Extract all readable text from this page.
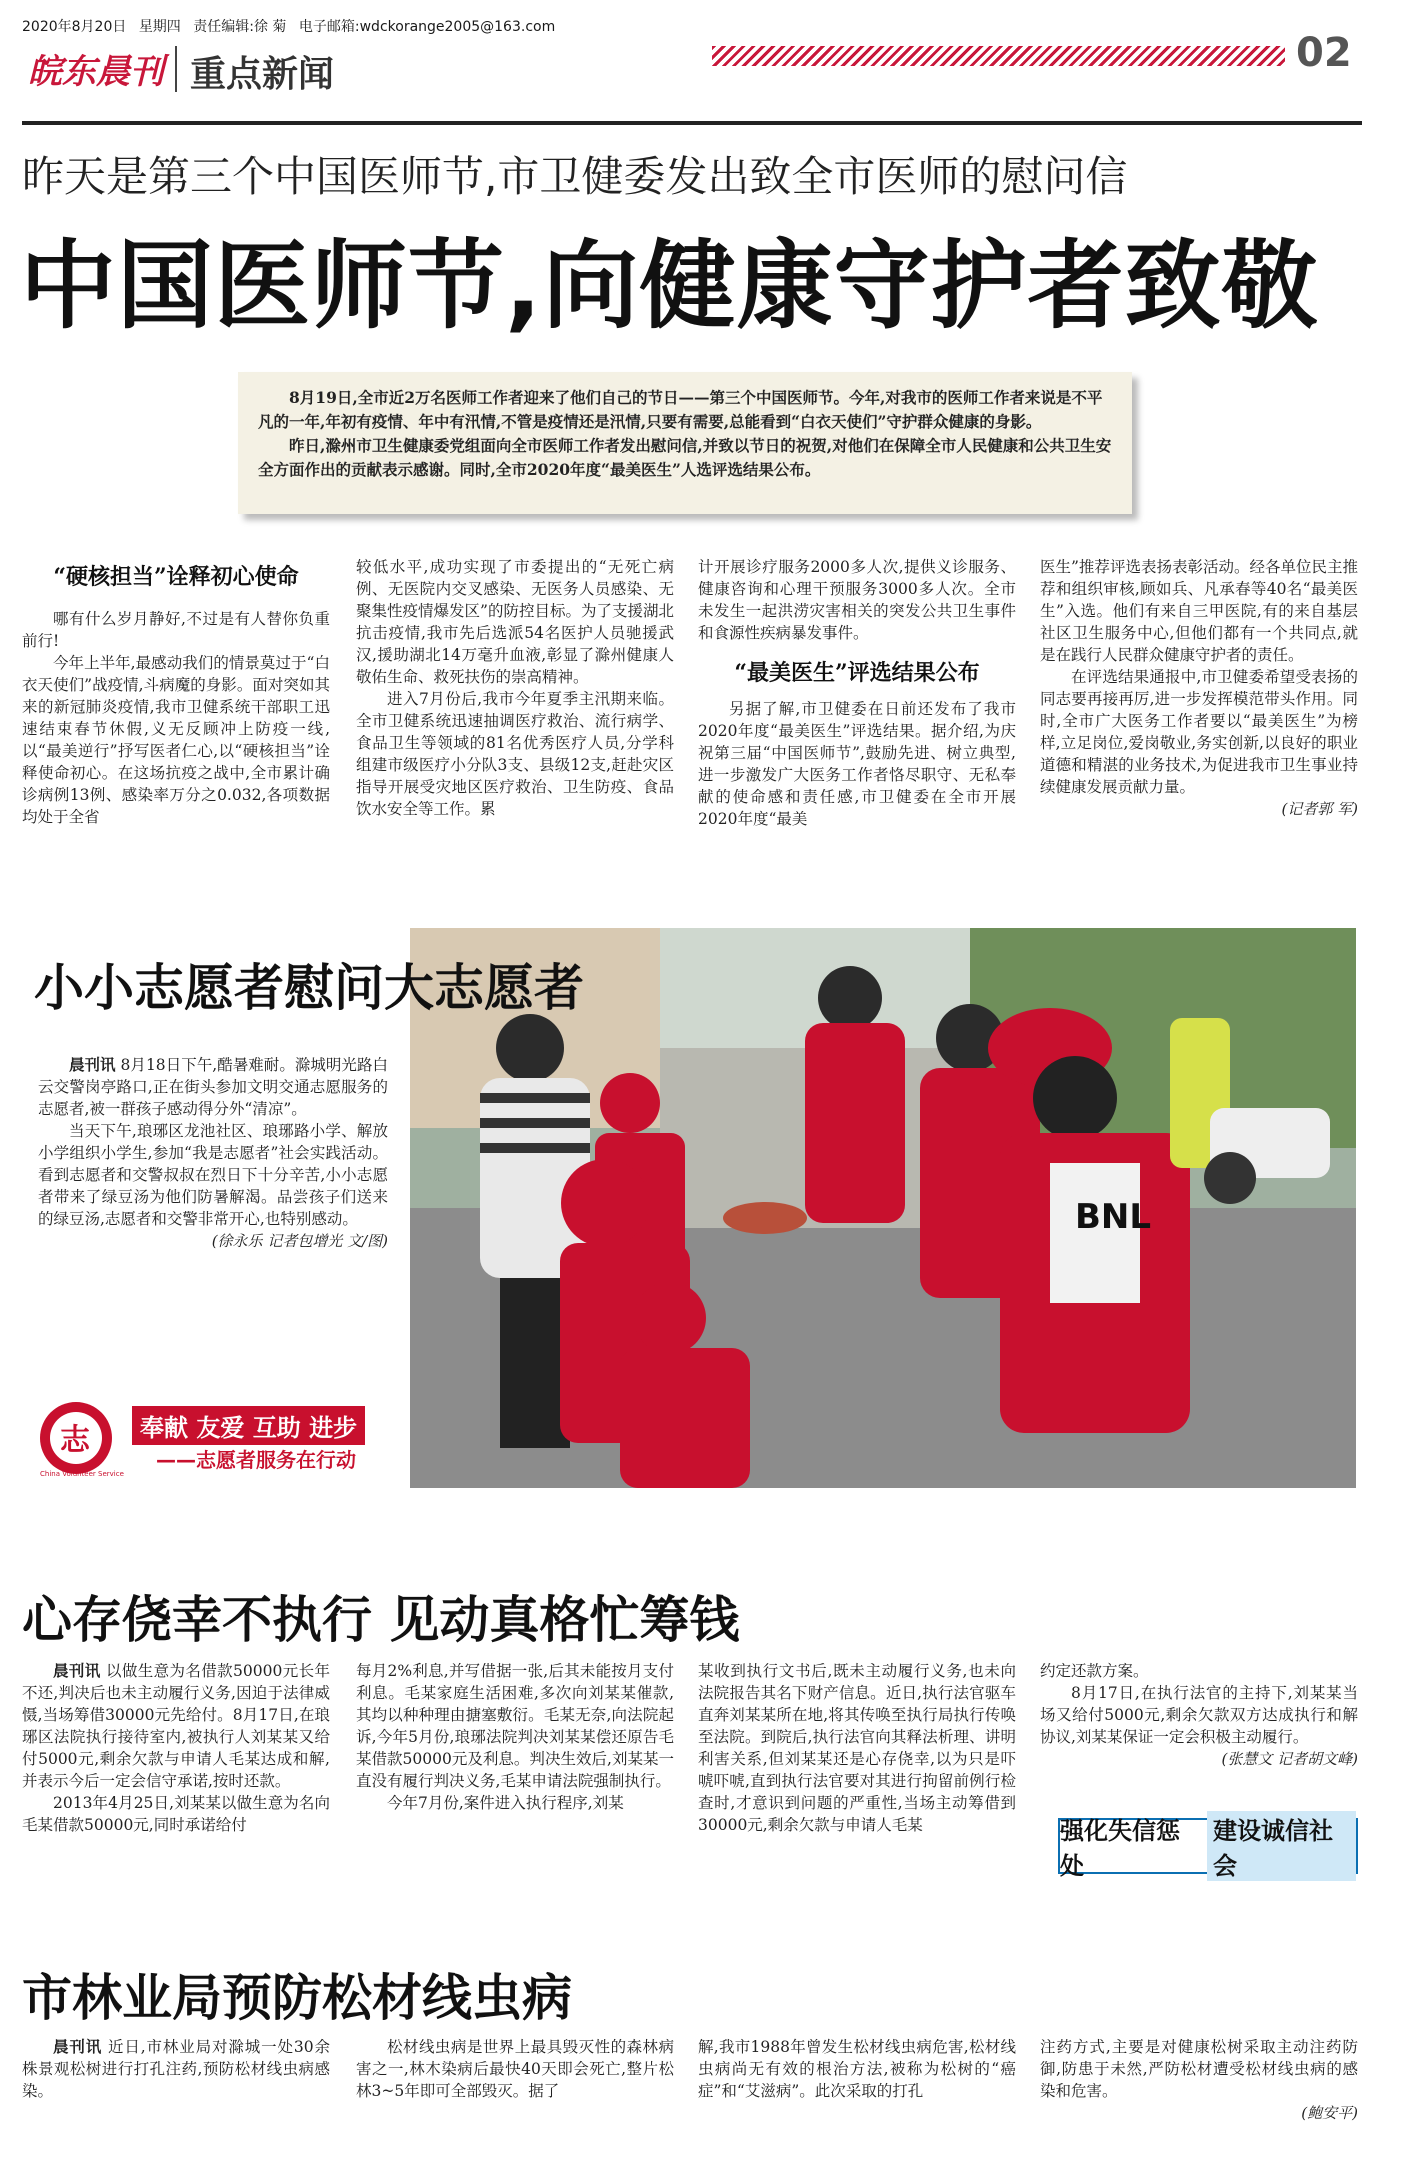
2020年8月20日 星期四 责任编辑:徐 菊 电子邮箱:wdckorange2005@163.com
皖东晨刊 重点新闻	02
昨天是第三个中国医师节,市卫健委发出致全市医师的慰问信
中国医师节,向健康守护者致敬

8月19日,全市近2万名医师工作者迎来了他们自己的节日——第三个中国医师节。今年,对我市的医师工作者来说是不平凡的一年,年初有疫情、年中有汛情,不管是疫情还是汛情,只要有需要,总能看到“白衣天使们”守护群众健康的身影。

昨日,滁州市卫生健康委党组面向全市医师工作者发出慰问信,并致以节日的祝贺,对他们在保障全市人民健康和公共卫生安全方面作出的贡献表示感谢。同时,全市2020年度“最美医生”人选评选结果公布。

“硬核担当”诠释初心使命

哪有什么岁月静好,不过是有人替你负重前行!

今年上半年,最感动我们的情景莫过于“白衣天使们”战疫情,斗病魔的身影。面对突如其来的新冠肺炎疫情,我市卫健系统干部职工迅速结束春节休假,义无反顾冲上防疫一线,以“最美逆行”抒写医者仁心,以“硬核担当”诠释使命初心。在这场抗疫之战中,全市累计确诊病例13例、感染率万分之0.032,各项数据均处于全省

较低水平,成功实现了市委提出的“无死亡病例、无医院内交叉感染、无医务人员感染、无聚集性疫情爆发区”的防控目标。为了支援湖北抗击疫情,我市先后选派54名医护人员驰援武汉,援助湖北14万毫升血液,彰显了滁州健康人敬佑生命、救死扶伤的崇高精神。

进入7月份后,我市今年夏季主汛期来临。全市卫健系统迅速抽调医疗救治、流行病学、食品卫生等领域的81名优秀医疗人员,分学科组建市级医疗小分队3支、县级12支,赶赴灾区指导开展受灾地区医疗救治、卫生防疫、食品饮水安全等工作。累

计开展诊疗服务2000多人次,提供义诊服务、健康咨询和心理干预服务3000多人次。全市未发生一起洪涝灾害相关的突发公共卫生事件和食源性疾病暴发事件。

“最美医生”评选结果公布

另据了解,市卫健委在日前还发布了我市2020年度“最美医生”评选结果。据介绍,为庆祝第三届“中国医师节”,鼓励先进、树立典型,进一步激发广大医务工作者恪尽职守、无私奉献的使命感和责任感,市卫健委在全市开展2020年度“最美

医生”推荐评选表扬表彰活动。经各单位民主推荐和组织审核,顾如兵、凡承春等40名“最美医生”入选。他们有来自三甲医院,有的来自基层社区卫生服务中心,但他们都有一个共同点,就是在践行人民群众健康守护者的责任。

在评选结果通报中,市卫健委希望受表扬的同志要再接再厉,进一步发挥模范带头作用。同时,全市广大医务工作者要以“最美医生”为榜样,立足岗位,爱岗敬业,务实创新,以良好的职业道德和精湛的业务技术,为促进我市卫生事业持续健康发展贡献力量。

(记者郭 军)
BNL
小小志愿者慰问大志愿者

晨刊讯 8月18日下午,酷暑难耐。滁城明光路白云交警岗亭路口,正在街头参加文明交通志愿服务的志愿者,被一群孩子感动得分外“清凉”。

当天下午,琅琊区龙池社区、琅琊路小学、解放小学组织小学生,参加“我是志愿者”社会实践活动。看到志愿者和交警叔叔在烈日下十分辛苦,小小志愿者带来了绿豆汤为他们防暑解渴。品尝孩子们送来的绿豆汤,志愿者和交警非常开心,也特别感动。

(徐永乐 记者包增光 文/图)
志
China Volunteer Service
奉献 友爱 互助 进步
——志愿者服务在行动
心存侥幸不执行 见动真格忙筹钱

晨刊讯 以做生意为名借款50000元长年不还,判决后也未主动履行义务,因迫于法律威慑,当场筹借30000元先给付。8月17日,在琅琊区法院执行接待室内,被执行人刘某某又给付5000元,剩余欠款与申请人毛某达成和解,并表示今后一定会信守承诺,按时还款。

2013年4月25日,刘某某以做生意为名向毛某借款50000元,同时承诺给付

每月2%利息,并写借据一张,后其未能按月支付利息。毛某家庭生活困难,多次向刘某某催款,其均以种种理由搪塞敷衍。毛某无奈,向法院起诉,今年5月份,琅琊法院判决刘某某偿还原告毛某借款50000元及利息。判决生效后,刘某某一直没有履行判决义务,毛某申请法院强制执行。

今年7月份,案件进入执行程序,刘某

某收到执行文书后,既未主动履行义务,也未向法院报告其名下财产信息。近日,执行法官驱车直奔刘某某所在地,将其传唤至执行局执行传唤至法院。到院后,执行法官向其释法析理、讲明利害关系,但刘某某还是心存侥幸,以为只是吓唬吓唬,直到执行法官要对其进行拘留前例行检查时,才意识到问题的严重性,当场主动筹借到30000元,剩余欠款与申请人毛某

约定还款方案。

8月17日,在执行法官的主持下,刘某某当场又给付5000元,剩余欠款双方达成执行和解协议,刘某某保证一定会积极主动履行。

(张慧文 记者胡文峰)
强化失信惩处
建设诚信社会
市林业局预防松材线虫病

晨刊讯 近日,市林业局对滁城一处30余株景观松树进行打孔注药,预防松材线虫病感染。

松材线虫病是世界上最具毁灭性的森林病害之一,林木染病后最快40天即会死亡,整片松林3~5年即可全部毁灭。据了

解,我市1988年曾发生松材线虫病危害,松材线虫病尚无有效的根治方法,被称为松树的“癌症”和“艾滋病”。此次采取的打孔

注药方式,主要是对健康松树采取主动注药防御,防患于未然,严防松材遭受松材线虫病的感染和危害。

(鲍安平)
